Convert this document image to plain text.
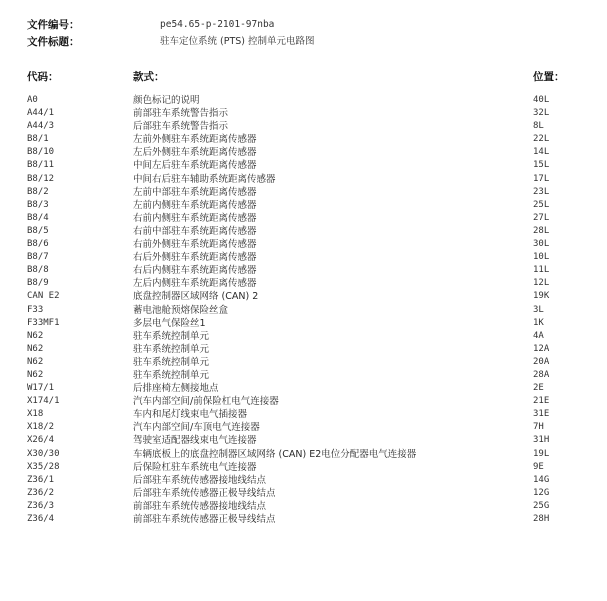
文件编号：	pe54.65-p-2101-97nba
文件标题：	驻车定位系统 (PTS) 控制单元电路图
代码：	款式：	位置：
A0	颜色标记的说明	40L
A44/1	前部驻车系统警告指示	32L
A44/3	后部驻车系统警告指示	8L
B8/1	左前外侧驻车系统距离传感器	22L
B8/10	左后外侧驻车系统距离传感器	14L
B8/11	中间左后驻车系统距离传感器	15L
B8/12	中间右后驻车辅助系统距离传感器	17L
B8/2	左前中部驻车系统距离传感器	23L
B8/3	左前内侧驻车系统距离传感器	25L
B8/4	右前内侧驻车系统距离传感器	27L
B8/5	右前中部驻车系统距离传感器	28L
B8/6	右前外侧驻车系统距离传感器	30L
B8/7	右后外侧驻车系统距离传感器	10L
B8/8	右后内侧驻车系统距离传感器	11L
B8/9	左后内侧驻车系统距离传感器	12L
CAN E2	底盘控制器区域网络 (CAN) 2	19K
F33	蓄电池舱预熔保险丝盒	3L
F33MF1	多层电气保险丝1	1K
N62	驻车系统控制单元	4A
N62	驻车系统控制单元	12A
N62	驻车系统控制单元	20A
N62	驻车系统控制单元	28A
W17/1	后排座椅左侧接地点	2E
X174/1	汽车内部空间/前保险杠电气连接器	21E
X18	车内和尾灯线束电气插接器	31E
X18/2	汽车内部空间/车顶电气连接器	7H
X26/4	驾驶室适配器线束电气连接器	31H
X30/30	车辆底板上的底盘控制器区域网络 (CAN) E2电位分配器电气连接器	19L
X35/28	后保险杠驻车系统电气连接器	9E
Z36/1	后部驻车系统传感器接地线结点	14G
Z36/2	后部驻车系统传感器正极导线结点	12G
Z36/3	前部驻车系统传感器接地线结点	25G
Z36/4	前部驻车系统传感器正极导线结点	28H
